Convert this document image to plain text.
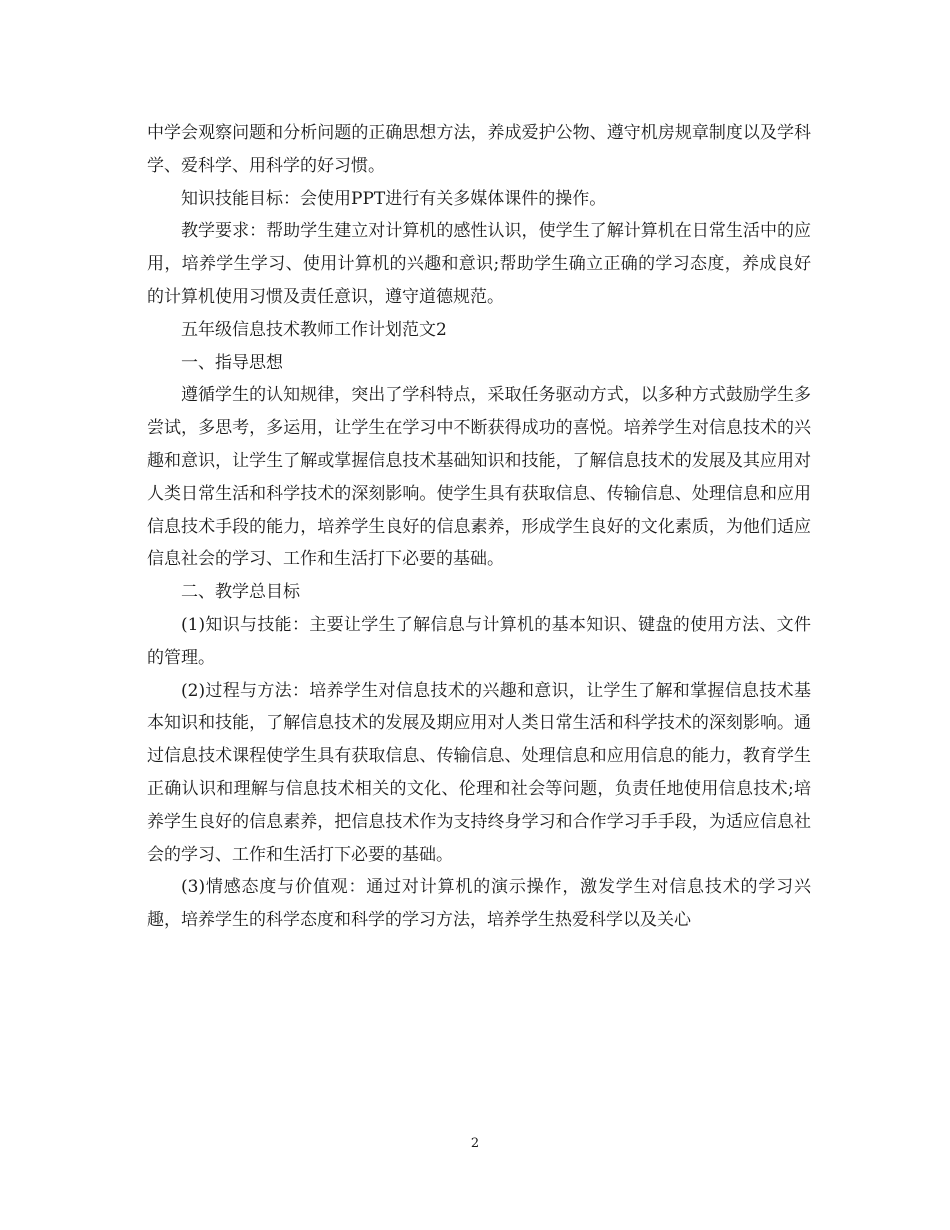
中学会观察问题和分析问题的正确思想方法，养成爱护公物、遵守机房规章制度以及学科学、爱科学、用科学的好习惯。

知识技能目标：会使用PPT进行有关多媒体课件的操作。

教学要求：帮助学生建立对计算机的感性认识，使学生了解计算机在日常生活中的应用，培养学生学习、使用计算机的兴趣和意识;帮助学生确立正确的学习态度，养成良好的计算机使用习惯及责任意识，遵守道德规范。

五年级信息技术教师工作计划范文2

一、指导思想

遵循学生的认知规律，突出了学科特点，采取任务驱动方式，以多种方式鼓励学生多尝试，多思考，多运用，让学生在学习中不断获得成功的喜悦。培养学生对信息技术的兴趣和意识，让学生了解或掌握信息技术基础知识和技能，了解信息技术的发展及其应用对人类日常生活和科学技术的深刻影响。使学生具有获取信息、传输信息、处理信息和应用信息技术手段的能力，培养学生良好的信息素养，形成学生良好的文化素质，为他们适应信息社会的学习、工作和生活打下必要的基础。

二、教学总目标

(1)知识与技能：主要让学生了解信息与计算机的基本知识、键盘的使用方法、文件的管理。

(2)过程与方法：培养学生对信息技术的兴趣和意识，让学生了解和掌握信息技术基本知识和技能，了解信息技术的发展及期应用对人类日常生活和科学技术的深刻影响。通过信息技术课程使学生具有获取信息、传输信息、处理信息和应用信息的能力，教育学生正确认识和理解与信息技术相关的文化、伦理和社会等问题，负责任地使用信息技术;培养学生良好的信息素养，把信息技术作为支持终身学习和合作学习手手段，为适应信息社会的学习、工作和生活打下必要的基础。

(3)情感态度与价值观：通过对计算机的演示操作，激发学生对信息技术的学习兴趣，培养学生的科学态度和科学的学习方法，培养学生热爱科学以及关心

2
